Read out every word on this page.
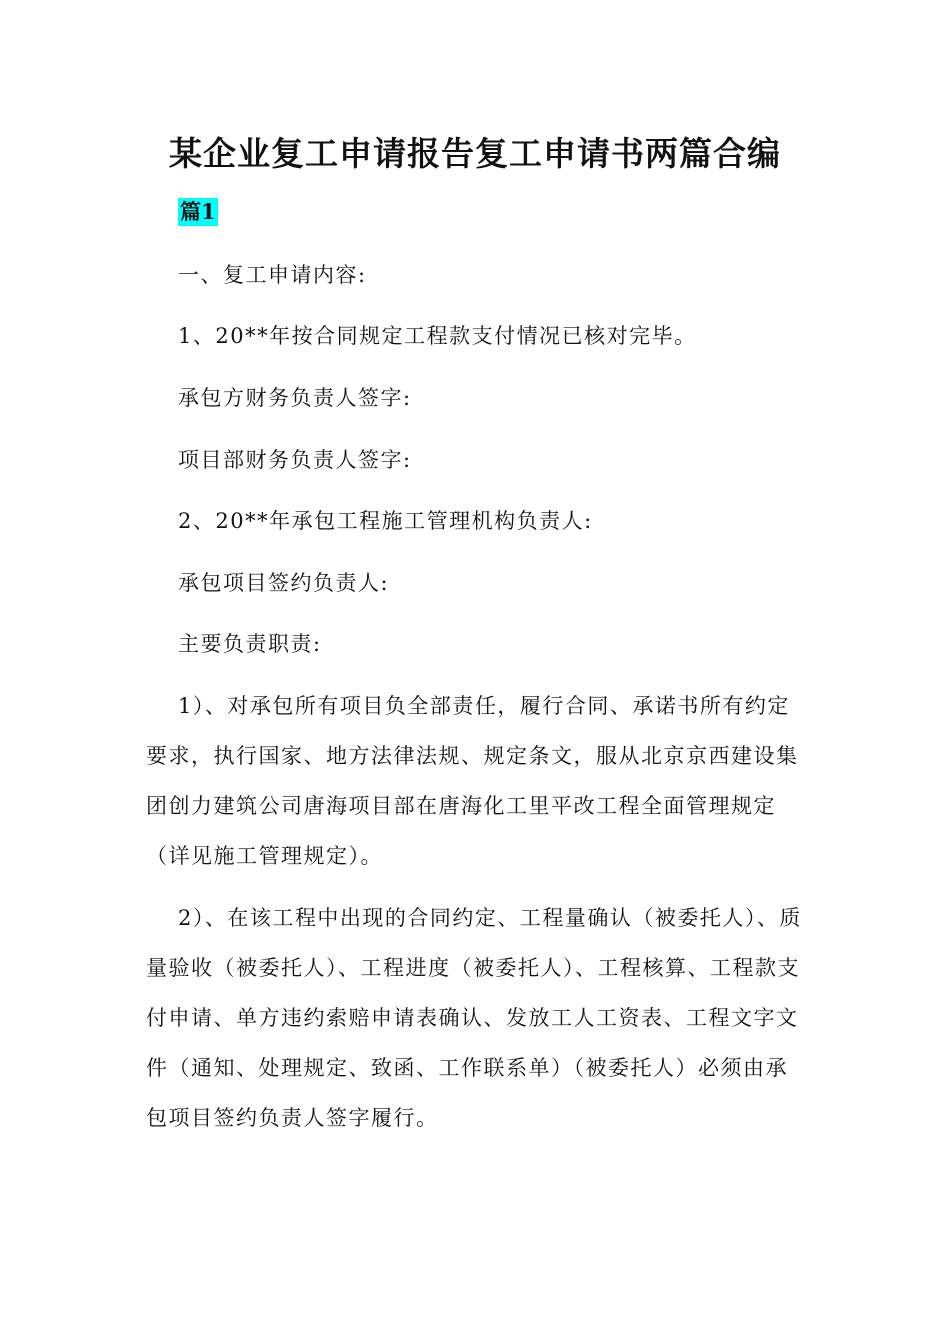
某企业复工申请报告复工申请书两篇合编
篇1

一、复工申请内容:

1、20**年按合同规定工程款支付情况已核对完毕。

承包方财务负责人签字:

项目部财务负责人签字:

2、20**年承包工程施工管理机构负责人:

承包项目签约负责人:

主要负责职责:

1）、对承包所有项目负全部责任，履行合同、承诺书所有约定要求，执行国家、地方法律法规、规定条文，服从北京京西建设集团创力建筑公司唐海项目部在唐海化工里平改工程全面管理规定（详见施工管理规定）。

2）、在该工程中出现的合同约定、工程量确认（被委托人）、质量验收（被委托人）、工程进度（被委托人）、工程核算、工程款支付申请、单方违约索赔申请表确认、发放工人工资表、工程文字文件（通知、处理规定、致函、工作联系单）（被委托人）必须由承包项目签约负责人签字履行。
